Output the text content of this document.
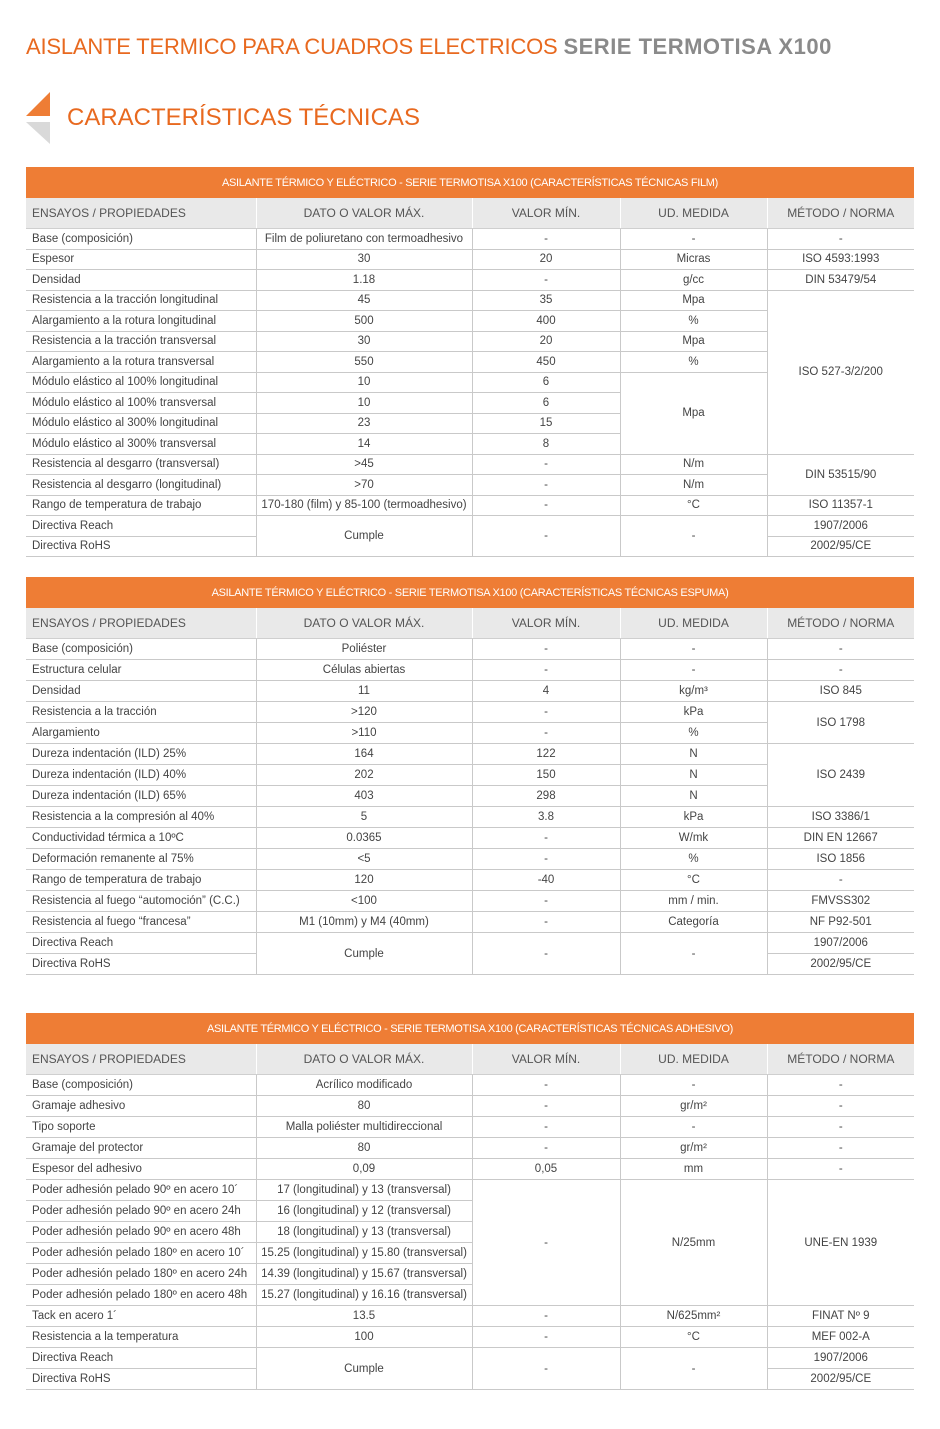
AISLANTE TERMICO PARA CUADROS ELECTRICOS SERIE TERMOTISA X100
CARACTERÍSTICAS TÉCNICAS
ASILANTE TÉRMICO Y ELÉCTRICO - SERIE TERMOTISA X100 (CARACTERÍSTICAS TÉCNICAS FILM)				
ENSAYOS / PROPIEDADES	DATO O VALOR MÁX.	VALOR MÍN.	UD. MEDIDA	MÉTODO / NORMA
Base (composición)	Film de poliuretano con termoadhesivo	-	-	-
Espesor	30	20	Micras	ISO 4593:1993
Densidad	1.18	-	g/cc	DIN 53479/54
Resistencia a la tracción longitudinal	45	35	Mpa	ISO 527-3/2/200
Alargamiento a la rotura longitudinal	500	400	%	
Resistencia a la tracción transversal	30	20	Mpa	
Alargamiento a la rotura transversal	550	450	%	
Módulo elástico al 100% longitudinal	10	6	Mpa	
Módulo elástico al 100% transversal	10	6		
Módulo elástico al 300% longitudinal	23	15		
Módulo elástico al 300% transversal	14	8		
Resistencia al desgarro (transversal)	>45	-	N/m	DIN 53515/90
Resistencia al desgarro (longitudinal)	>70	-	N/m	
Rango de temperatura de trabajo	170-180 (film) y 85-100 (termoadhesivo)	-	°C	ISO 11357-1
Directiva Reach	Cumple	-	-	1907/2006
Directiva RoHS				2002/95/CE
ASILANTE TÉRMICO Y ELÉCTRICO - SERIE TERMOTISA X100 (CARACTERÍSTICAS TÉCNICAS ESPUMA)				
ENSAYOS / PROPIEDADES	DATO O VALOR MÁX.	VALOR MÍN.	UD. MEDIDA	MÉTODO / NORMA
Base (composición)	Poliéster	-	-	-
Estructura celular	Células abiertas	-	-	-
Densidad	11	4	kg/m³	ISO 845
Resistencia a la tracción	>120	-	kPa	ISO 1798
Alargamiento	>110	-	%	
Dureza indentación (ILD) 25%	164	122	N	ISO 2439
Dureza indentación (ILD) 40%	202	150	N	
Dureza indentación (ILD) 65%	403	298	N	
Resistencia a la compresión al 40%	5	3.8	kPa	ISO 3386/1
Conductividad térmica a 10ºC	0.0365	-	W/mk	DIN EN 12667
Deformación remanente al 75%	<5	-	%	ISO 1856
Rango de temperatura de trabajo	120	-40	°C	-
Resistencia al fuego “automoción” (C.C.)	<100	-	mm / min.	FMVSS302
Resistencia al fuego “francesa”	M1 (10mm) y M4 (40mm)	-	Categoría	NF P92-501
Directiva Reach	Cumple	-	-	1907/2006
Directiva RoHS				2002/95/CE
ASILANTE TÉRMICO Y ELÉCTRICO - SERIE TERMOTISA X100 (CARACTERÍSTICAS TÉCNICAS ADHESIVO)				
ENSAYOS / PROPIEDADES	DATO O VALOR MÁX.	VALOR MÍN.	UD. MEDIDA	MÉTODO / NORMA
Base (composición)	Acrílico modificado	-	-	-
Gramaje adhesivo	80	-	gr/m²	-
Tipo soporte	Malla poliéster multidireccional	-	-	-
Gramaje del protector	80	-	gr/m²	-
Espesor del adhesivo	0,09	0,05	mm	-
Poder adhesión pelado 90º en acero 10´	17 (longitudinal) y 13 (transversal)	-	N/25mm	UNE-EN 1939
Poder adhesión pelado 90º en acero 24h	16 (longitudinal) y 12 (transversal)			
Poder adhesión pelado 90º en acero 48h	18 (longitudinal) y 13 (transversal)			
Poder adhesión pelado 180º en acero 10´	15.25 (longitudinal) y 15.80 (transversal)			
Poder adhesión pelado 180º en acero 24h	14.39 (longitudinal) y 15.67 (transversal)			
Poder adhesión pelado 180º en acero 48h	15.27 (longitudinal) y 16.16 (transversal)			
Tack en acero 1´	13.5	-	N/625mm²	FINAT Nº 9
Resistencia a la temperatura	100	-	°C	MEF 002-A
Directiva Reach	Cumple	-	-	1907/2006
Directiva RoHS				2002/95/CE
